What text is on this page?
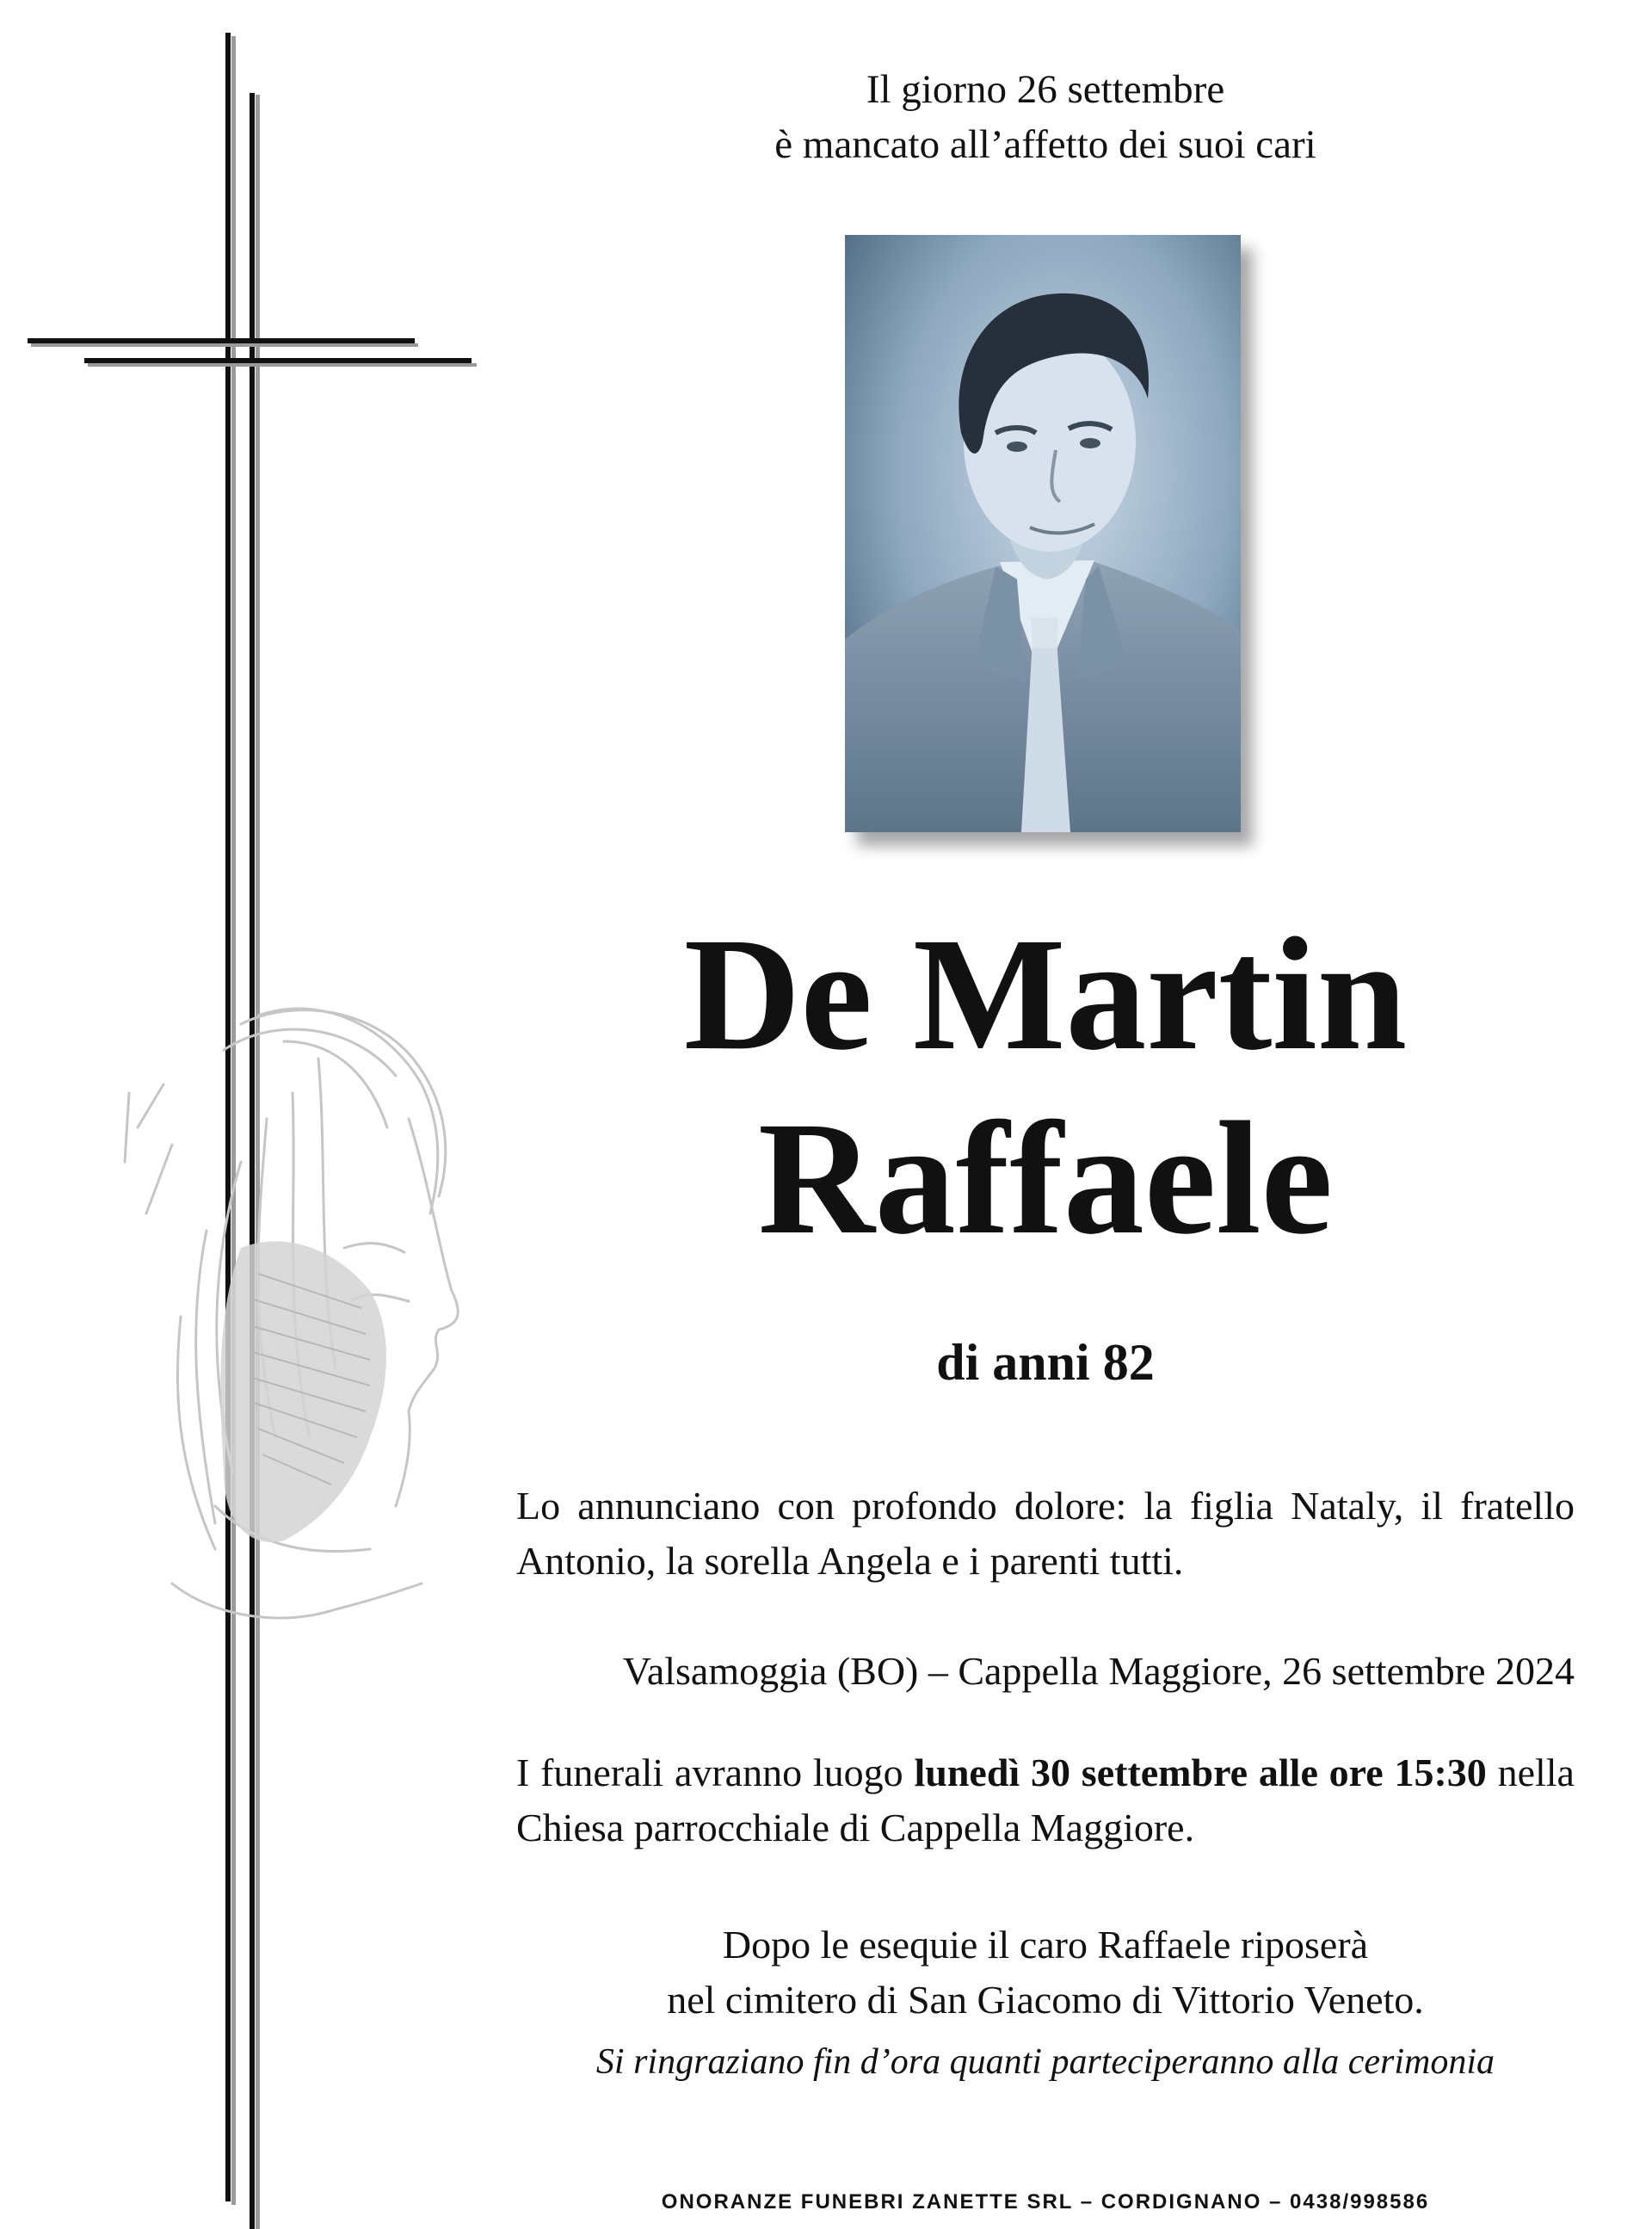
Il giorno 26 settembre
è mancato all’affetto dei suoi cari
De Martin
Raffaele
di anni 82
Lo annunciano con profondo dolore: la figlia Nataly, il fratello Antonio, la sorella Angela e i parenti tutti.
Valsamoggia (BO) – Cappella Maggiore, 26 settembre 2024
I funerali avranno luogo lunedì 30 settembre alle ore 15:30 nella Chiesa parrocchiale di Cappella Maggiore.
Dopo le esequie il caro Raffaele riposerà
nel cimitero di San Giacomo di Vittorio Veneto.
Si ringraziano fin d’ora quanti parteciperanno alla cerimonia
ONORANZE FUNEBRI ZANETTE SRL – CORDIGNANO – 0438/998586
